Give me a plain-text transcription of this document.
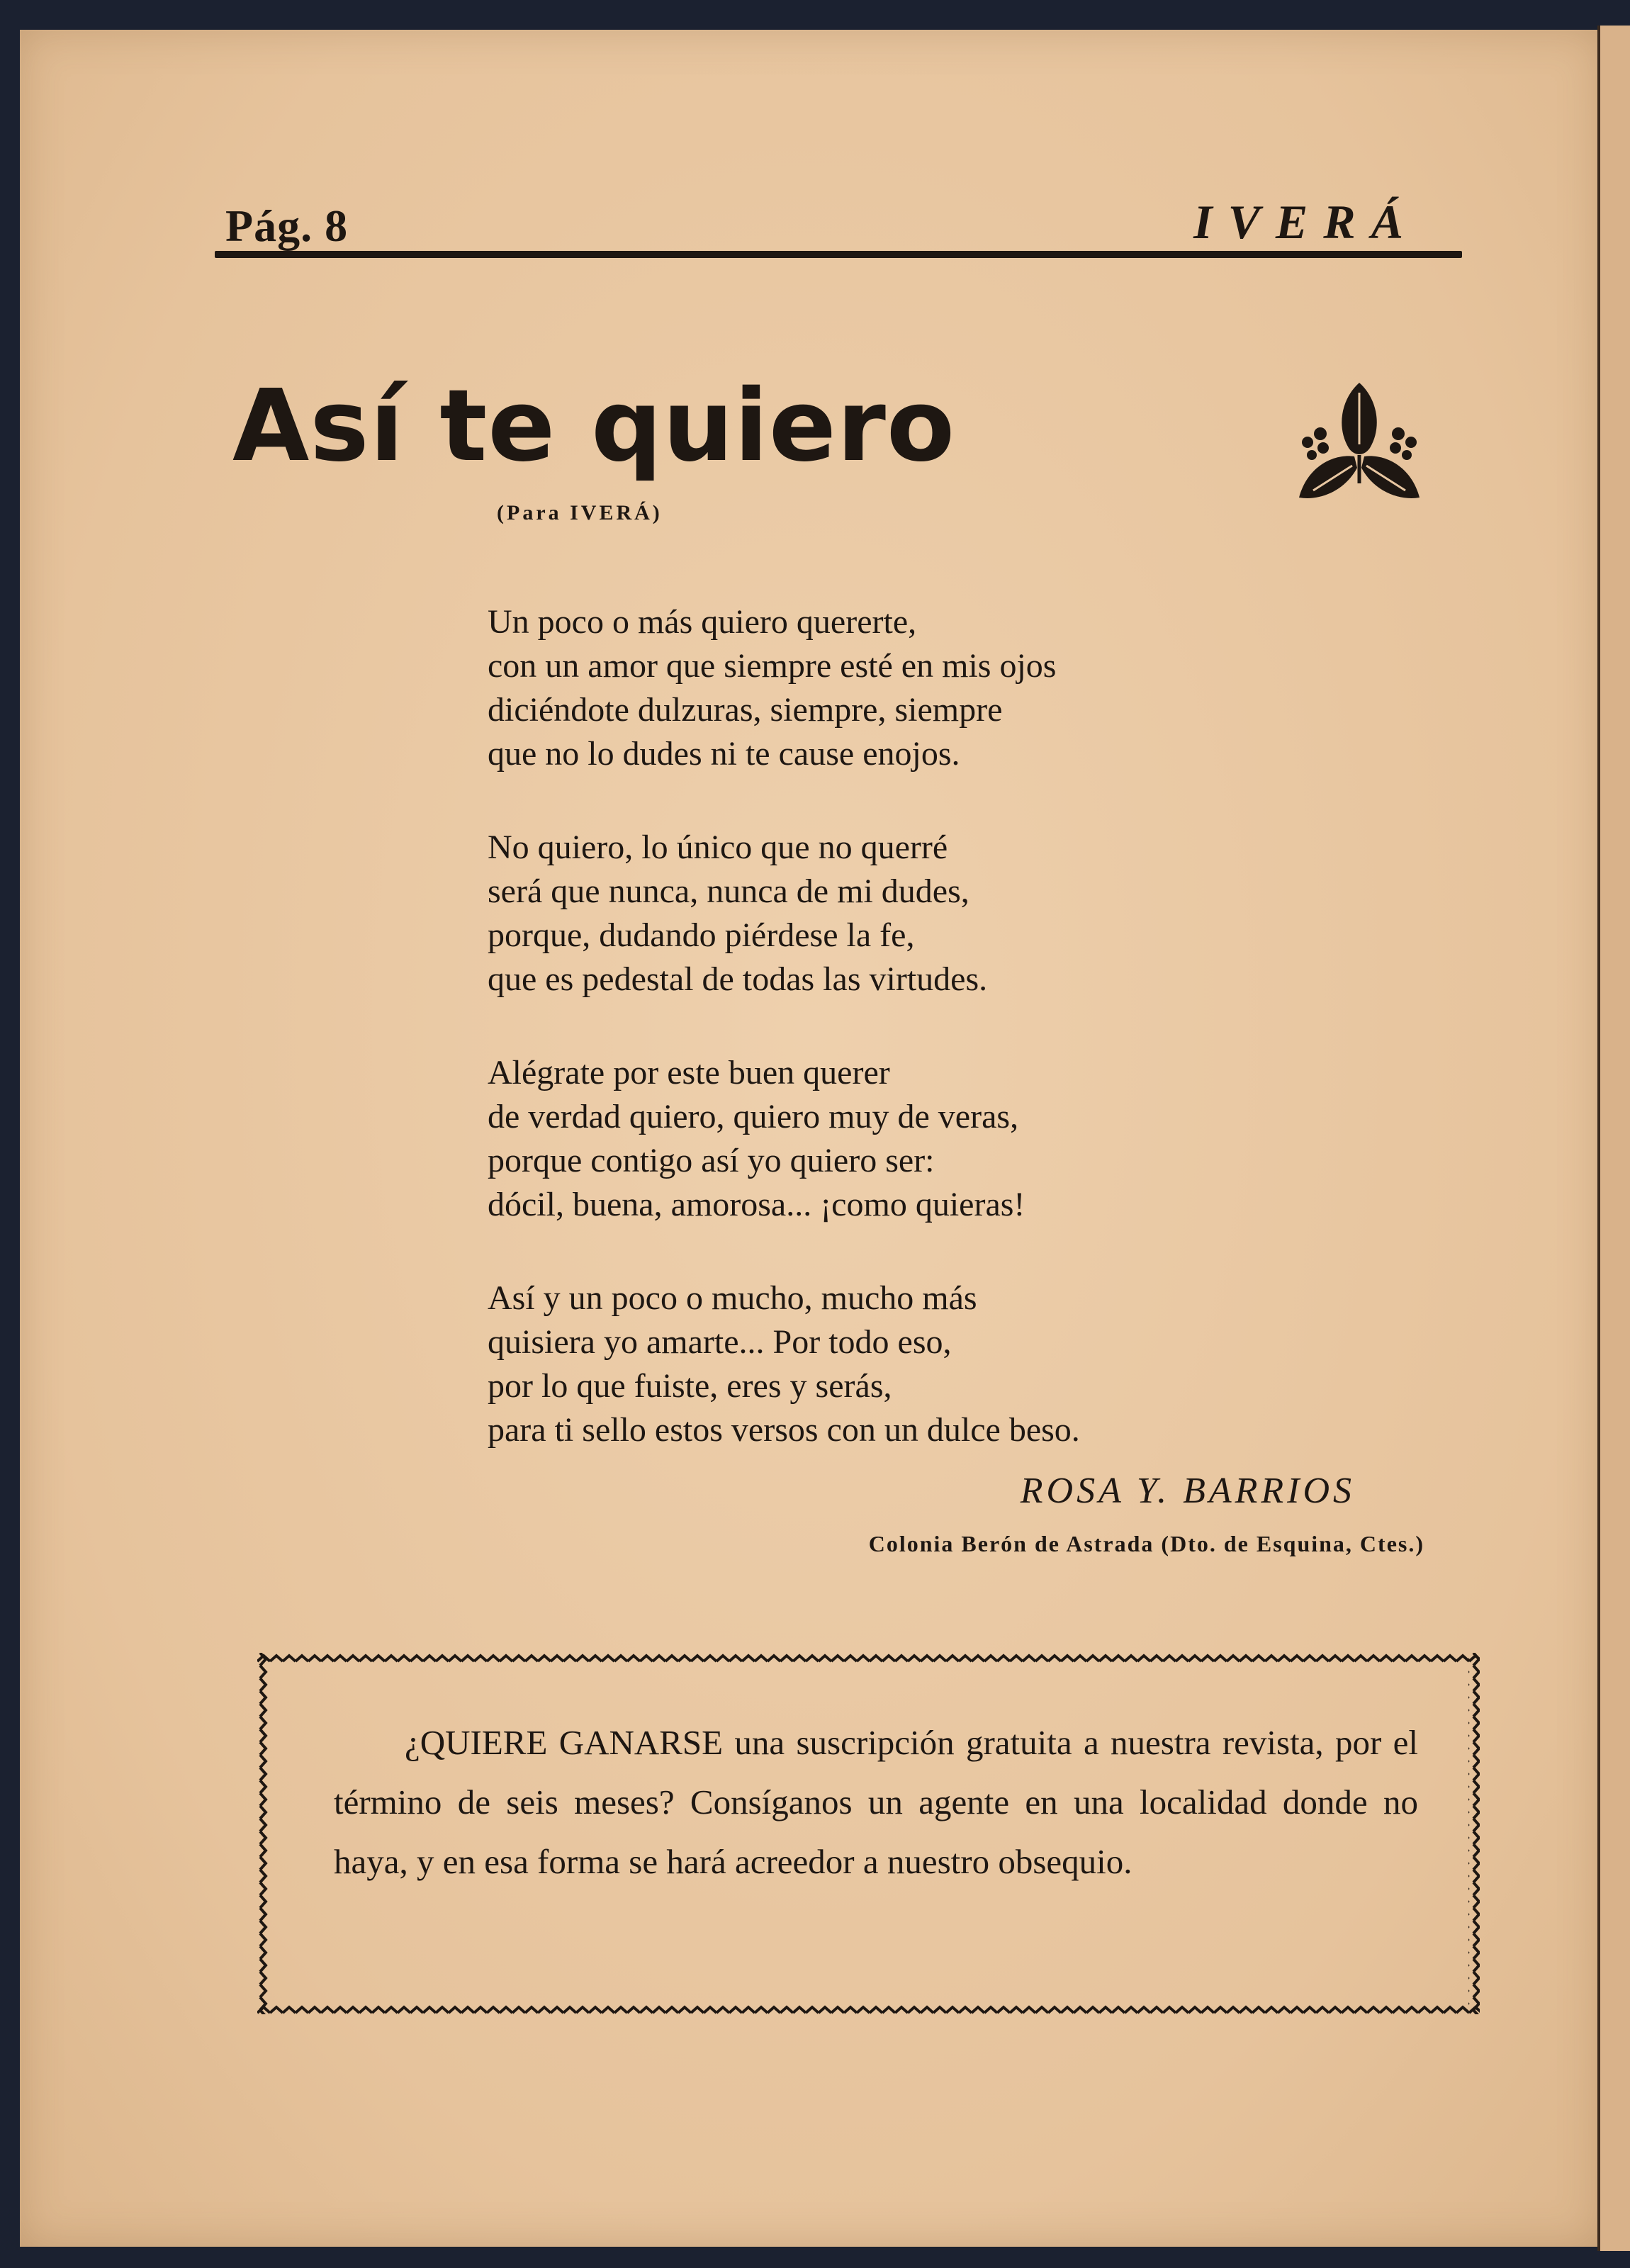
Pág. 8	IVERÁ
Así te quiero
(Para IVERÁ)
Un poco o más quiero quererte,
con un amor que siempre esté en mis ojos
diciéndote dulzuras, siempre, siempre
que no lo dudes ni te cause enojos.
No quiero, lo único que no querré
será que nunca, nunca de mi dudes,
porque, dudando piérdese la fe,
que es pedestal de todas las virtudes.
Alégrate por este buen querer
de verdad quiero, quiero muy de veras,
porque contigo así yo quiero ser:
dócil, buena, amorosa... ¡como quieras!
Así y un poco o mucho, mucho más
quisiera yo amarte... Por todo eso,
por lo que fuiste, eres y serás,
para ti sello estos versos con un dulce beso.
ROSA Y. BARRIOS
Colonia Berón de Astrada (Dto. de Esquina, Ctes.)
¿QUIERE GANARSE una suscripción gratuita a nuestra revista, por el término de seis meses? Consíganos un agente en una localidad donde no haya, y en esa forma se hará acreedor a nuestro obsequio.
